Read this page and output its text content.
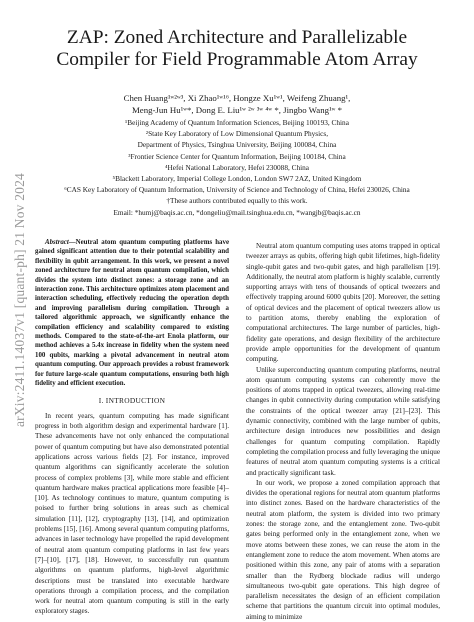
arXiv:2411.14037v1 [quant-ph] 21 Nov 2024
ZAP: Zoned Architecture and Parallelizable
Compiler for Field Programmable Atom Array
Chen Huang¹ʷ²ʷ³, Xi Zhao¹ʷ¹⁶, Hongze Xu¹ʷ¹, Weifeng Zhuang¹,
Meng-Jun Hu¹ʷ*, Dong E. Liu¹ʷ ²ʷ ³ʷ ⁴ʷ *, Jingbo Wang¹ʷ *
¹Beijing Academy of Quantum Information Sciences, Beijing 100193, China
²State Key Laboratory of Low Dimensional Quantum Physics,
Department of Physics, Tsinghua University, Beijing 100084, China
³Frontier Science Center for Quantum Information, Beijing 100184, China
⁴Hefei National Laboratory, Hefei 230088, China
⁵Blackett Laboratory, Imperial College London, London SW7 2AZ, United Kingdom
⁶CAS Key Laboratory of Quantum Information, University of Science and Technology of China, Hefei 230026, China
†These authors contributed equally to this work.
Email: *humj@baqis.ac.cn, *dongeliu@mail.tsinghua.edu.cn, *wangjb@baqis.ac.cn

Abstract—Neutral atom quantum computing platforms have gained significant attention due to their potential scalability and flexibility in qubit arrangement. In this work, we present a novel zoned architecture for neutral atom quantum compilation, which divides the system into distinct zones: a storage zone and an interaction zone. This architecture optimizes atom placement and interaction scheduling, effectively reducing the operation depth and improving parallelism during compilation. Through a tailored algorithmic approach, we significantly enhance the compilation efficiency and scalability compared to existing methods. Compared to the state-of-the-art Enola platform, our method achieves a 5.4x increase in fidelity when the system need 100 qubits, marking a pivotal advancement in neutral atom quantum computing. Our approach provides a robust framework for future large-scale quantum computations, ensuring both high fidelity and efficient execution.

I. INTRODUCTION

In recent years, quantum computing has made significant progress in both algorithm design and experimental hardware [1]. These advancements have not only enhanced the computational power of quantum computing but have also demonstrated potential applications across various fields [2]. For instance, improved quantum algorithms can significantly accelerate the solution process of complex problems [3], while more stable and efficient quantum hardware makes practical applications more feasible [4]–[10]. As technology continues to mature, quantum computing is poised to further bring solutions in areas such as chemical simulation [11], [12], cryptography [13], [14], and optimization problems [15], [16]. Among several quantum computing platforms, advances in laser technology have propelled the rapid development of neutral atom quantum computing platforms in last few years [7]–[10], [17], [18]. However, to successfully run quantum algorithms on quantum platforms, high-level algorithmic descriptions must be translated into executable hardware operations through a compilation process, and the compilation work for neutral atom quantum computing is still in the early exploratory stages.

Neutral atom quantum computing uses atoms trapped in optical tweezer arrays as qubits, offering high qubit lifetimes, high-fidelity single-qubit gates and two-qubit gates, and high parallelism [19]. Additionally, the neutral atom platform is highly scalable, currently supporting arrays with tens of thousands of optical tweezers and effectively trapping around 6000 qubits [20]. Moreover, the setting of optical devices and the placement of optical tweezers allow us to partition atoms, thereby enabling the exploration of computational architectures. The large number of particles, high-fidelity gate operations, and design flexibility of the architecture provide ample opportunities for the development of quantum computing.

Unlike superconducting quantum computing platforms, neutral atom quantum computing systems can coherently move the positions of atoms trapped in optical tweezers, allowing real-time changes in qubit connectivity during computation while satisfying the constraints of the optical tweezer array [21]–[23]. This dynamic connectivity, combined with the large number of qubits, architecture design introduces new possibilities and design challenges for quantum computing compilation. Rapidly completing the compilation process and fully leveraging the unique features of neutral atom quantum computing systems is a critical and practically significant task.

In our work, we propose a zoned compilation approach that divides the operational regions for neutral atom quantum platforms into distinct zones. Based on the hardware characteristics of the neutral atom platform, the system is divided into two primary zones: the storage zone, and the entanglement zone. Two-qubit gates being performed only in the entanglement zone, when we move atoms between these zones, we can reuse the atom in the entanglement zone to reduce the atom movement. When atoms are positioned within this zone, any pair of atoms with a separation smaller than the Rydberg blockade radius will undergo simultaneous two-qubit gate operations. This high degree of parallelism necessitates the design of an efficient compilation scheme that partitions the quantum circuit into optimal modules, aiming to minimize
